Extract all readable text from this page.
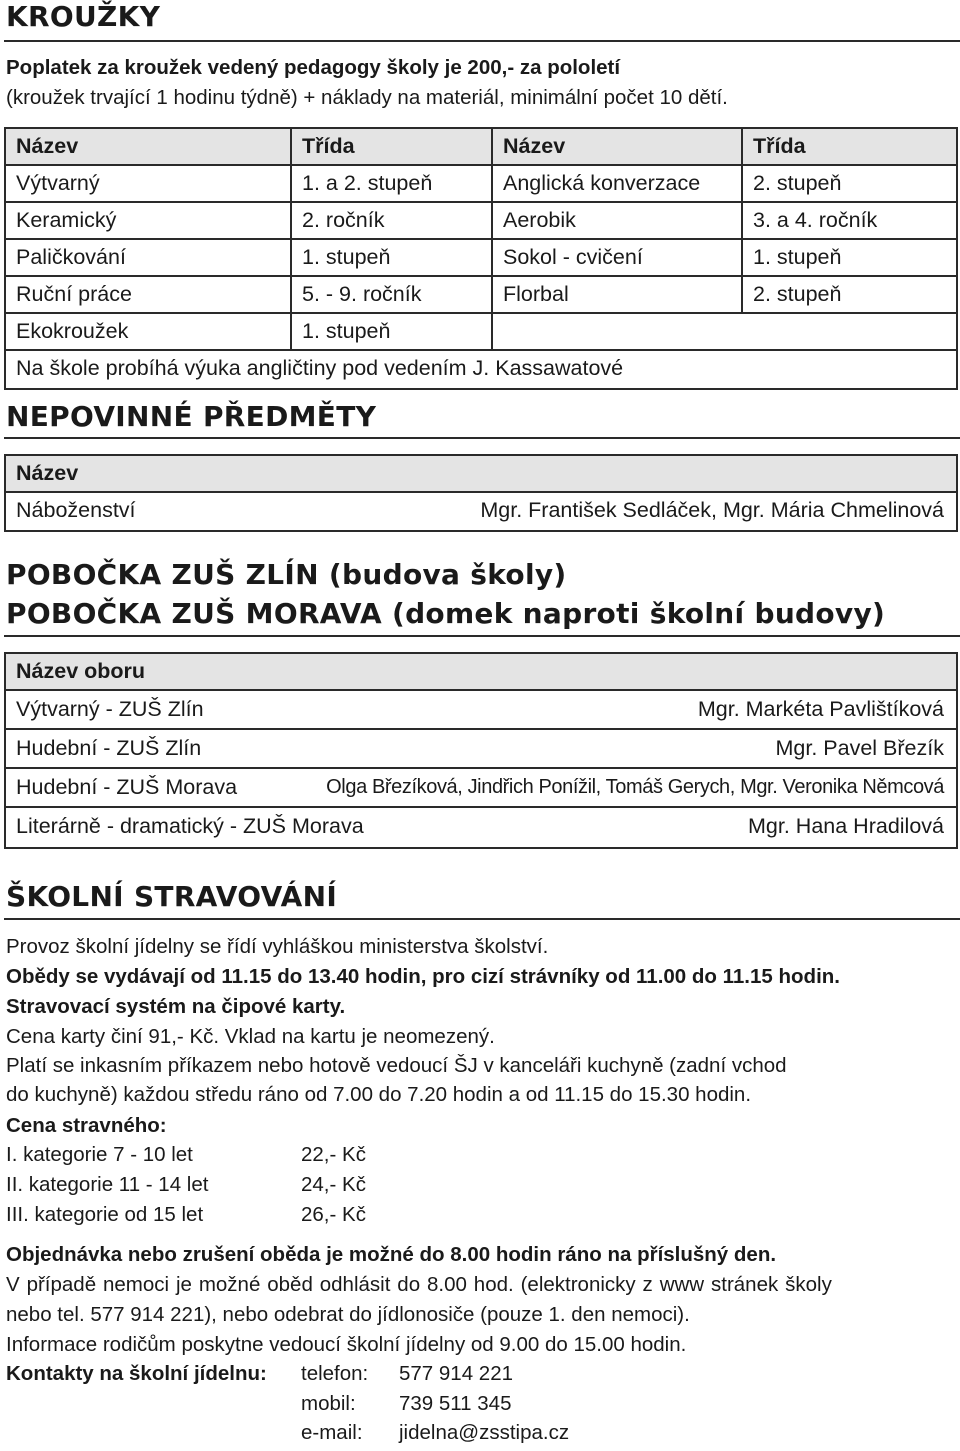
KROUŽKY
Poplatek za kroužek vedený pedagogy školy je 200,- za pololetí
(kroužek trvající 1 hodinu týdně) + náklady na materiál, minimální počet 10 dětí.
Název	Třída	Název	Třída
Výtvarný	1. a 2. stupeň	Anglická konverzace	2. stupeň
Keramický	2. ročník	Aerobik	3. a 4. ročník
Paličkování	1. stupeň	Sokol - cvičení	1. stupeň
Ruční práce	5. - 9. ročník	Florbal	2. stupeň
Ekokroužek	1. stupeň
Na škole probíhá výuka angličtiny pod vedením J. Kassawatové
NEPOVINNÉ PŘEDMĚTY
Název
Náboženství	Mgr. František Sedláček, Mgr. Mária Chmelinová
POBOČKA ZUŠ ZLÍN (budova školy)
POBOČKA ZUŠ MORAVA (domek naproti školní budovy)
Název oboru
Výtvarný - ZUŠ Zlín	Mgr. Markéta Pavlištíková
Hudební - ZUŠ Zlín	Mgr. Pavel Březík
Hudební - ZUŠ Morava	Olga Březíková, Jindřich Ponížil, Tomáš Gerych, Mgr. Veronika Němcová
Literárně - dramatický - ZUŠ Morava	Mgr. Hana Hradilová
ŠKOLNÍ STRAVOVÁNÍ
Provoz školní jídelny se řídí vyhláškou ministerstva školství.
Obědy se vydávají od 11.15 do 13.40 hodin, pro cizí strávníky od 11.00 do 11.15 hodin.
Stravovací systém na čipové karty.
Cena karty činí 91,- Kč. Vklad na kartu je neomezený.
Platí se inkasním příkazem nebo hotově vedoucí ŠJ v kanceláři kuchyně (zadní vchod
do kuchyně) každou středu ráno od 7.00 do 7.20 hodin a od 11.15 do 15.30 hodin.
Cena stravného:
I. kategorie 7 - 10 let	22,- Kč
II. kategorie 11 - 14 let	24,- Kč
III. kategorie od 15 let	26,- Kč
Objednávka nebo zrušení oběda je možné do 8.00 hodin ráno na příslušný den.
V případě nemoci je možné oběd odhlásit do 8.00 hod. (elektronicky z www stránek školy
nebo tel. 577 914 221), nebo odebrat do jídlonosiče (pouze 1. den nemoci).
Informace rodičům poskytne vedoucí školní jídelny od 9.00 do 15.00 hodin.
Kontakty na školní jídelnu: telefon: 577 914 221
mobil: 739 511 345
e-mail: jidelna@zsstipa.cz
